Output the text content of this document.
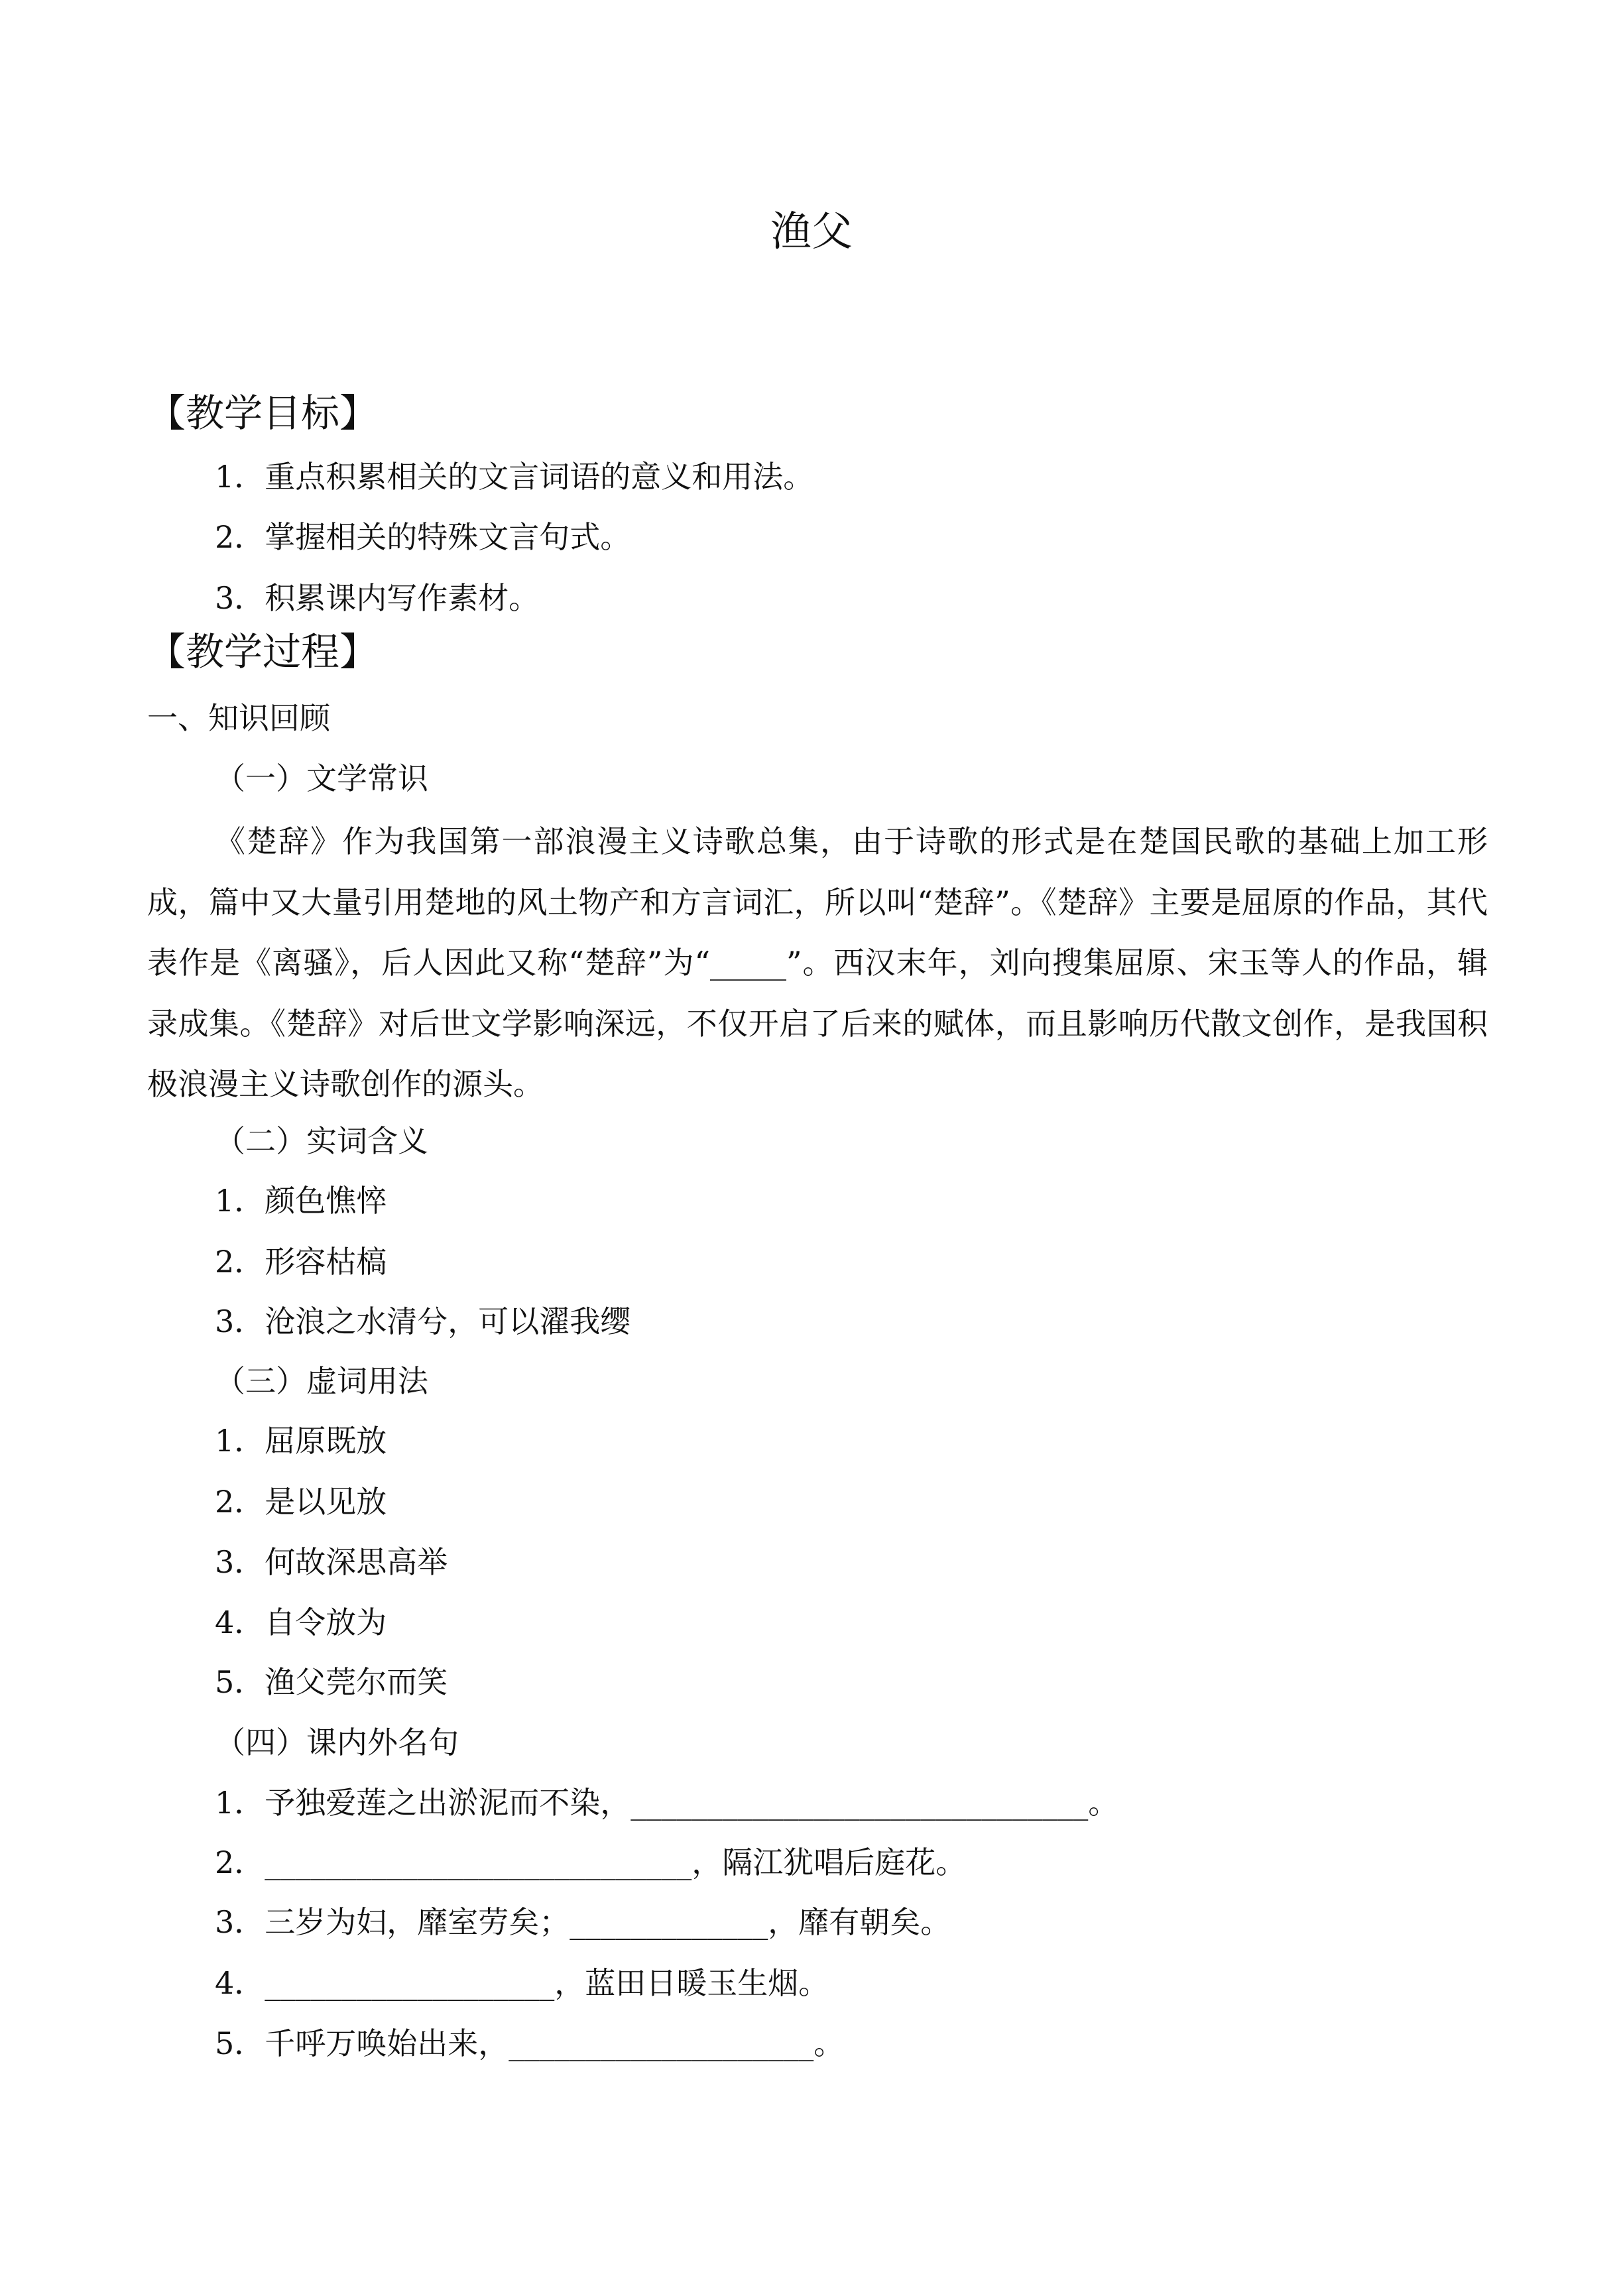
渔父
【教学目标】
1．重点积累相关的文言词语的意义和用法。
2．掌握相关的特殊文言句式。
3．积累课内写作素材。
【教学过程】
一、知识回顾
（一）文学常识
《楚辞》作为我国第一部浪漫主义诗歌总集，由于诗歌的形式是在楚国民歌的基础上加工形成，篇中又大量引用楚地的风土物产和方言词汇，所以叫“楚辞”。《楚辞》主要是屈原的作品，其代表作是《离骚》，后人因此又称“楚辞”为“_____”。西汉末年，刘向搜集屈原、宋玉等人的作品，辑录成集。《楚辞》对后世文学影响深远，不仅开启了后来的赋体，而且影响历代散文创作，是我国积极浪漫主义诗歌创作的源头。
（二）实词含义
1．颜色憔悴
2．形容枯槁
3．沧浪之水清兮，可以濯我缨
（三）虚词用法
1．屈原既放
2．是以见放
3．何故深思高举
4．自令放为
5．渔父莞尔而笑
（四）课内外名句
1．予独爱莲之出淤泥而不染，______________________________。
2．____________________________，隔江犹唱后庭花。
3．三岁为妇，靡室劳矣；_____________，靡有朝矣。
4．___________________，蓝田日暖玉生烟。
5．千呼万唤始出来，____________________。
